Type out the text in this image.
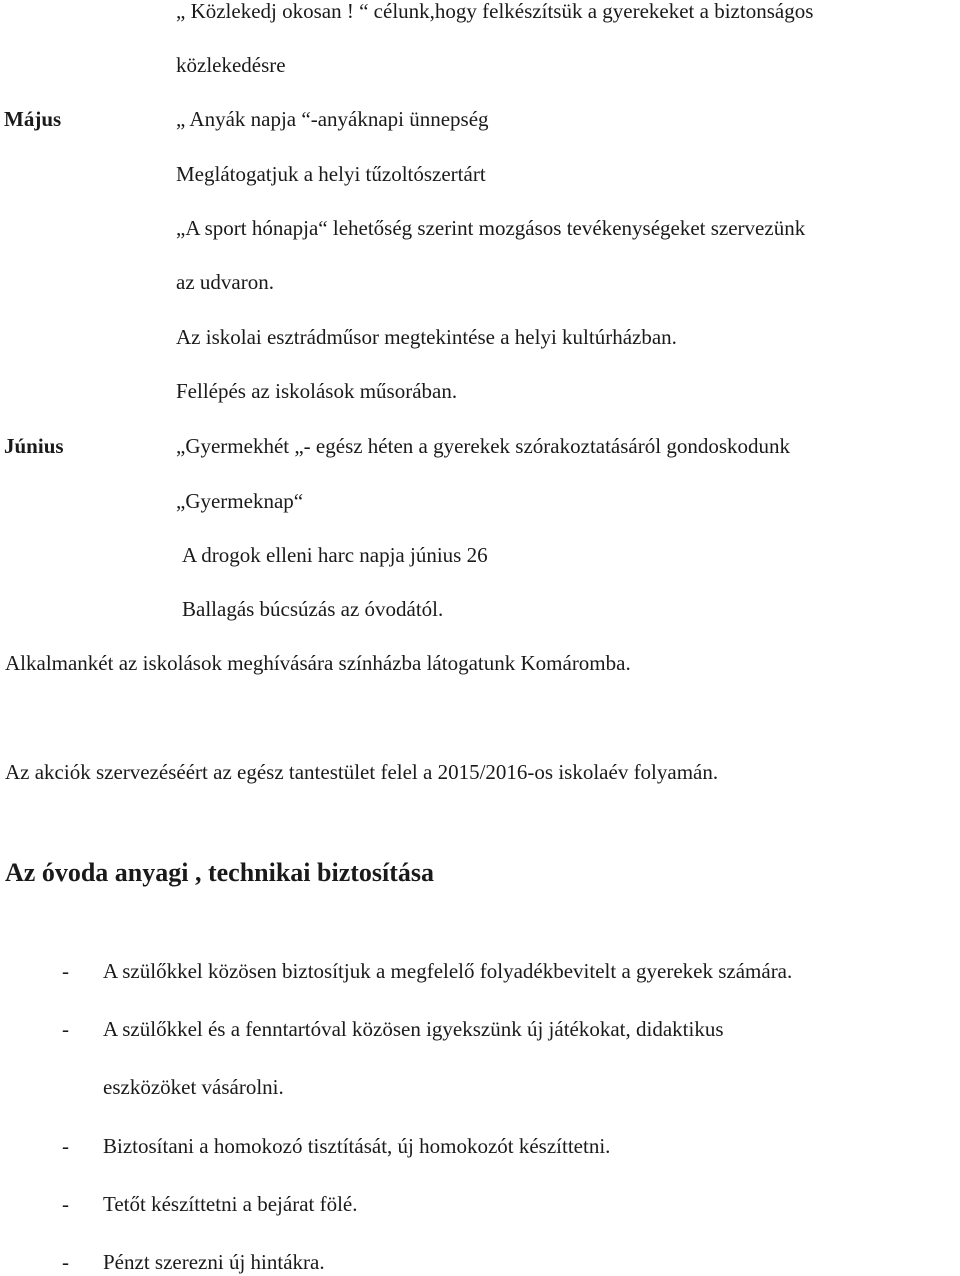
„ Közlekedj okosan ! “ célunk,hogy felkészítsük a gyerekeket a biztonságos
közlekedésre
Május	„ Anyák napja “-anyáknapi ünnepség
Meglátogatjuk a helyi tűzoltószertárt
„A sport hónapja“ lehetőség szerint mozgásos tevékenységeket szervezünk
az udvaron.
Az iskolai esztrádműsor megtekintése a helyi kultúrházban.
Fellépés az iskolások műsorában.
Június	„Gyermekhét „- egész héten a gyerekek szórakoztatásáról gondoskodunk
„Gyermeknap“
A drogok elleni harc napja június 26
Ballagás búcsúzás az óvodától.
Alkalmankét az iskolások meghívására színházba látogatunk Komáromba.
Az akciók szervezéséért az egész tantestület felel a 2015/2016-os iskolaév folyamán.
Az óvoda anyagi , technikai biztosítása
- A szülőkkel közösen biztosítjuk a megfelelő folyadékbevitelt a gyerekek számára.
- A szülőkkel és a fenntartóval közösen igyekszünk új játékokat, didaktikus
eszközöket vásárolni.
- Biztosítani a homokozó tisztítását, új homokozót készíttetni.
- Tetőt készíttetni a bejárat fölé.
- Pénzt szerezni új hintákra.
